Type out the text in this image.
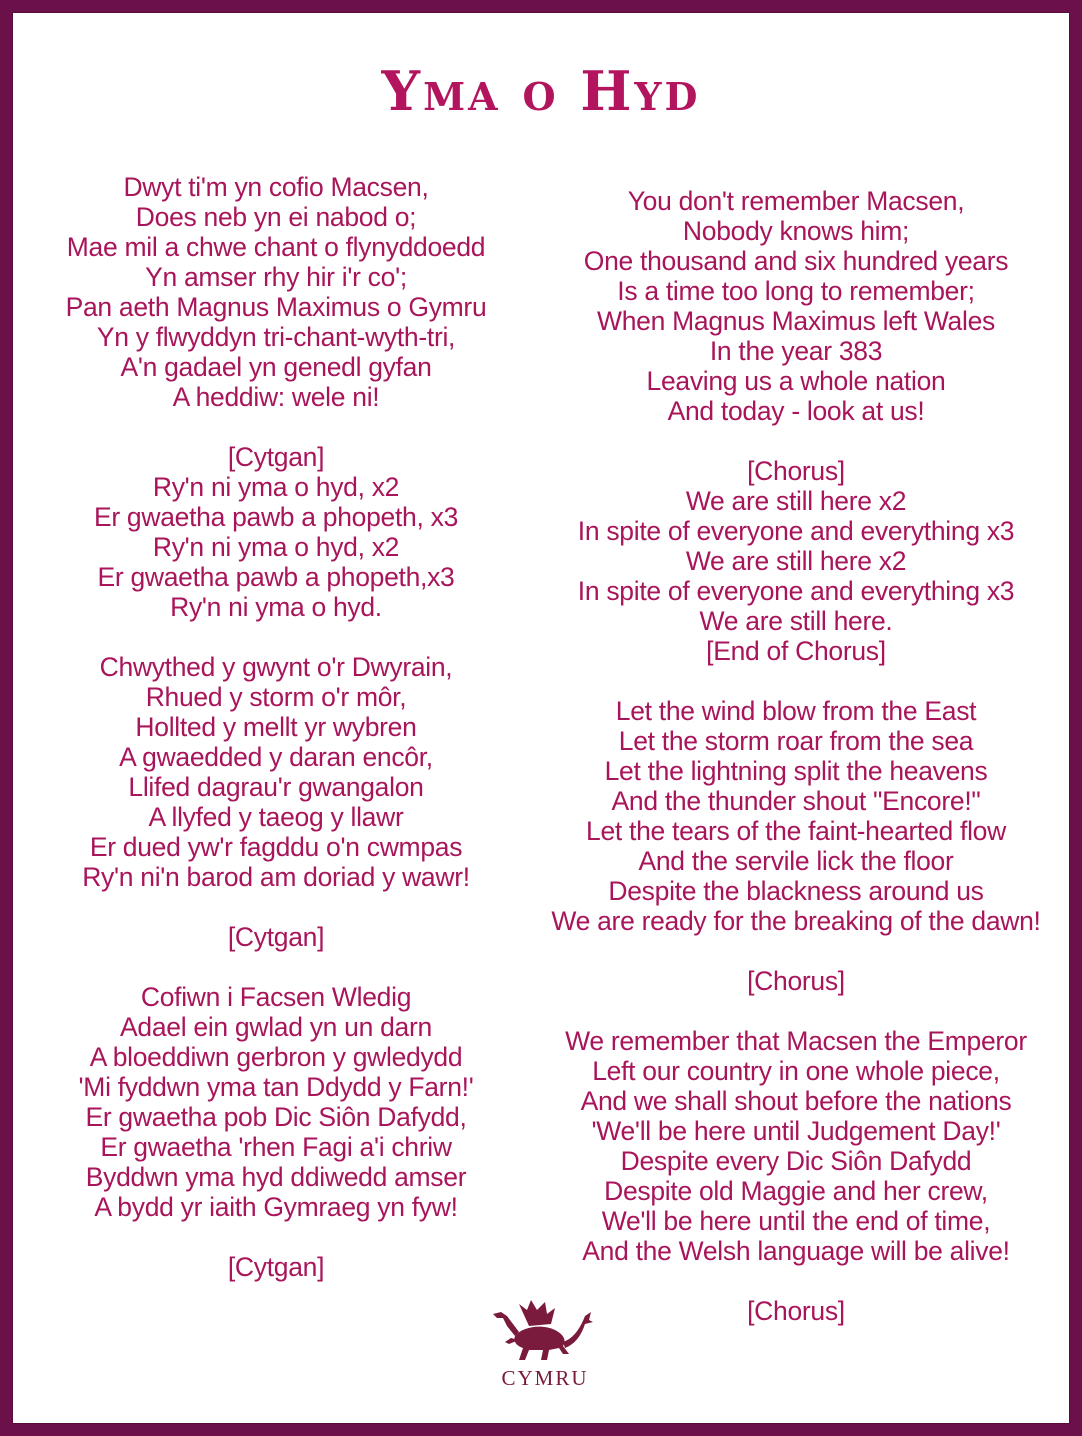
Yma o Hyd
Dwyt ti'm yn cofio Macsen,
Does neb yn ei nabod o;
Mae mil a chwe chant o flynyddoedd
Yn amser rhy hir i'r co';
Pan aeth Magnus Maximus o Gymru
Yn y flwyddyn tri-chant-wyth-tri,
A'n gadael yn genedl gyfan
A heddiw: wele ni!
[Cytgan]
Ry'n ni yma o hyd, x2
Er gwaetha pawb a phopeth, x3
Ry'n ni yma o hyd, x2
Er gwaetha pawb a phopeth,x3
Ry'n ni yma o hyd.
Chwythed y gwynt o'r Dwyrain,
Rhued y storm o'r môr,
Hollted y mellt yr wybren
A gwaedded y daran encôr,
Llifed dagrau'r gwangalon
A llyfed y taeog y llawr
Er dued yw'r fagddu o'n cwmpas
Ry'n ni'n barod am doriad y wawr!
[Cytgan]
Cofiwn i Facsen Wledig
Adael ein gwlad yn un darn
A bloeddiwn gerbron y gwledydd
'Mi fyddwn yma tan Ddydd y Farn!'
Er gwaetha pob Dic Siôn Dafydd,
Er gwaetha 'rhen Fagi a'i chriw
Byddwn yma hyd ddiwedd amser
A bydd yr iaith Gymraeg yn fyw!
[Cytgan]
You don't remember Macsen,
Nobody knows him;
One thousand and six hundred years
Is a time too long to remember;
When Magnus Maximus left Wales
In the year 383
Leaving us a whole nation
And today - look at us!
[Chorus]
We are still here x2
In spite of everyone and everything x3
We are still here x2
In spite of everyone and everything x3
We are still here.
[End of Chorus]
Let the wind blow from the East
Let the storm roar from the sea
Let the lightning split the heavens
And the thunder shout "Encore!"
Let the tears of the faint-hearted flow
And the servile lick the floor
Despite the blackness around us
We are ready for the breaking of the dawn!
[Chorus]
We remember that Macsen the Emperor
Left our country in one whole piece,
And we shall shout before the nations
'We'll be here until Judgement Day!'
Despite every Dic Siôn Dafydd
Despite old Maggie and her crew,
We'll be here until the end of time,
And the Welsh language will be alive!
[Chorus]
CYMRU
